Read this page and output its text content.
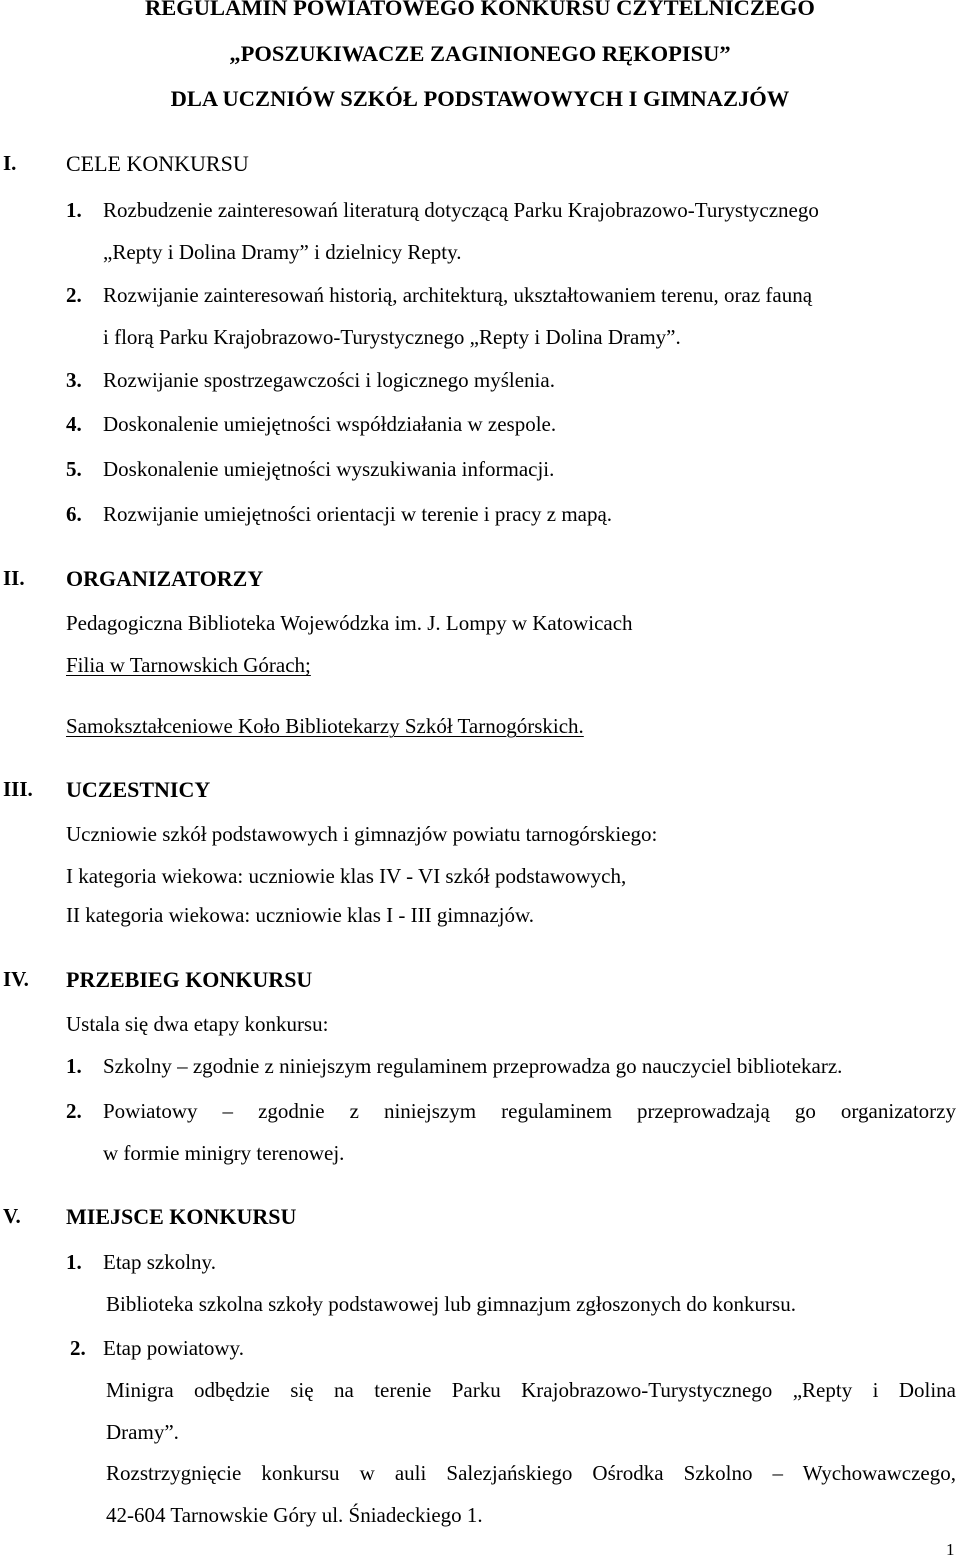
REGULAMIN POWIATOWEGO KONKURSU CZYTELNICZEGO
„POSZUKIWACZE ZAGINIONEGO RĘKOPISU”
DLA UCZNIÓW SZKÓŁ PODSTAWOWYCH I GIMNAZJÓW
I. CELE KONKURSU
1. Rozbudzenie zainteresowań literaturą dotyczącą Parku Krajobrazowo-Turystycznego
„Repty i Dolina Dramy” i dzielnicy Repty.
2. Rozwijanie zainteresowań historią, architekturą, ukształtowaniem terenu, oraz fauną
i florą Parku Krajobrazowo-Turystycznego „Repty i Dolina Dramy”.
3. Rozwijanie spostrzegawczości i logicznego myślenia.
4. Doskonalenie umiejętności współdziałania w zespole.
5. Doskonalenie umiejętności wyszukiwania informacji.
6. Rozwijanie umiejętności orientacji w terenie i pracy z mapą.
II. ORGANIZATORZY
Pedagogiczna Biblioteka Wojewódzka im. J. Lompy w Katowicach
Filia w Tarnowskich Górach;
Samokształceniowe Koło Bibliotekarzy Szkół Tarnogórskich.
III. UCZESTNICY
Uczniowie szkół podstawowych i gimnazjów powiatu tarnogórskiego:
I kategoria wiekowa: uczniowie klas IV - VI szkół podstawowych,
II kategoria wiekowa: uczniowie klas I - III gimnazjów.
IV. PRZEBIEG KONKURSU
Ustala się dwa etapy konkursu:
1. Szkolny – zgodnie z niniejszym regulaminem przeprowadza go nauczyciel bibliotekarz.
2. Powiatowy – zgodnie z niniejszym regulaminem przeprowadzają go organizatorzy
w formie minigry terenowej.
V. MIEJSCE KONKURSU
1. Etap szkolny.
Biblioteka szkolna szkoły podstawowej lub gimnazjum zgłoszonych do konkursu.
2. Etap powiatowy.
Minigra odbędzie się na terenie Parku Krajobrazowo-Turystycznego „Repty i Dolina
Dramy”.
Rozstrzygnięcie konkursu w auli Salezjańskiego Ośrodka Szkolno – Wychowawczego,
42-604 Tarnowskie Góry ul. Śniadeckiego 1.
1
